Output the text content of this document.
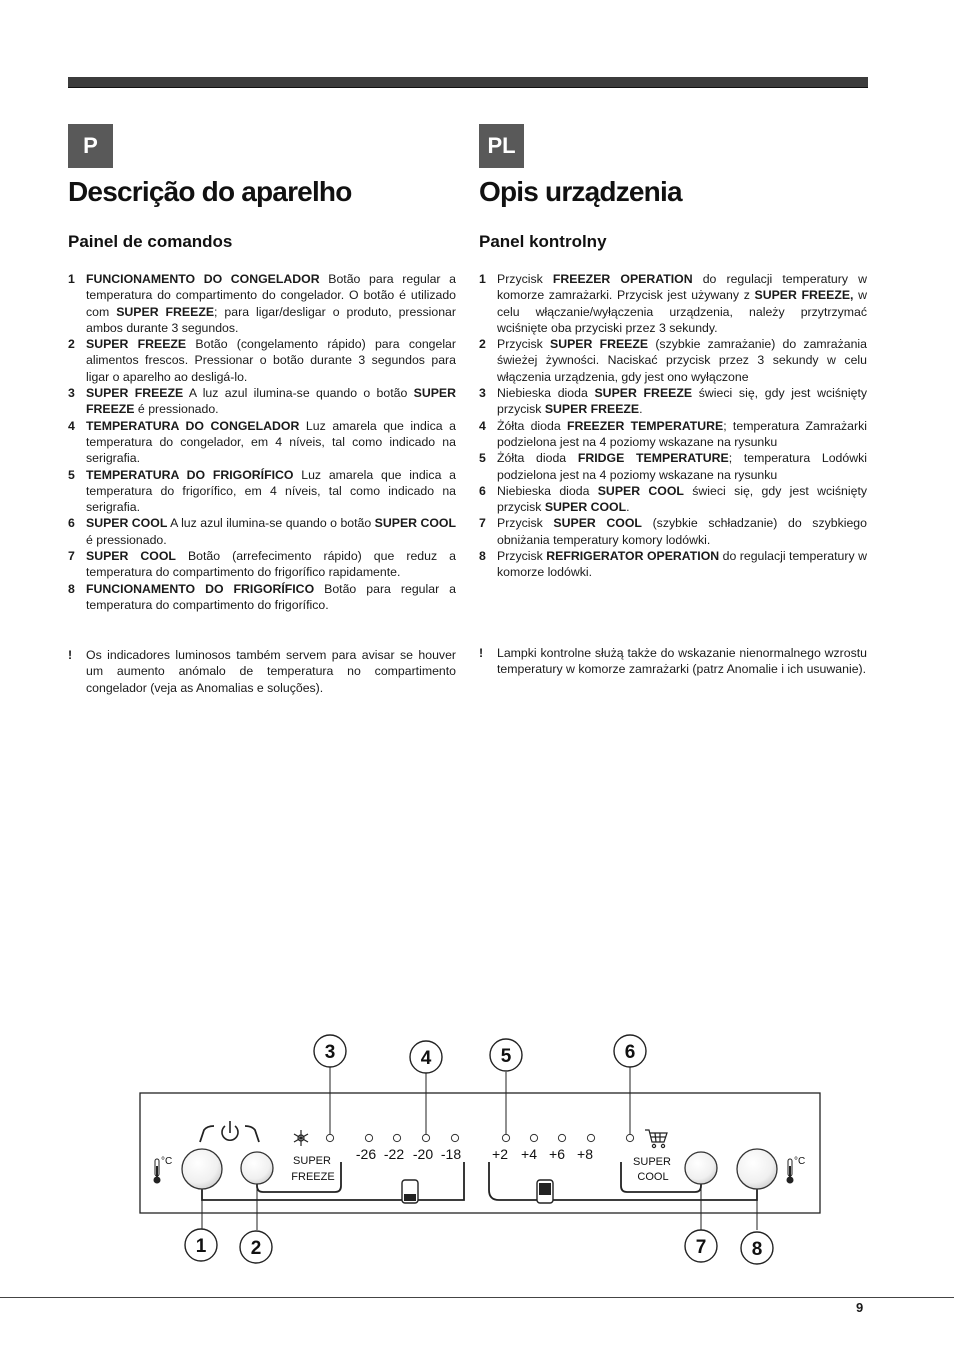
P
Descrição do aparelho
Painel de comandos
1 FUNCIONAMENTO DO CONGELADOR Botão para regular a temperatura do compartimento do congelador. O botão é utilizado com SUPER FREEZE; para ligar/desligar o produto, pressionar ambos durante 3 segundos.
2 SUPER FREEZE Botão (congelamento rápido) para congelar alimentos frescos. Pressionar o botão durante 3 segundos para ligar o aparelho ao desligá-lo.
3 SUPER FREEZE A luz azul ilumina-se quando o botão SUPER FREEZE é pressionado.
4 TEMPERATURA DO CONGELADOR Luz amarela que indica a temperatura do congelador, em 4 níveis, tal como indicado na serigrafia.
5 TEMPERATURA DO FRIGORÍFICO Luz amarela que indica a temperatura do frigorífico, em 4 níveis, tal como indicado na serigrafia.
6 SUPER COOL A luz azul ilumina-se quando o botão SUPER COOL é pressionado.
7 SUPER COOL Botão (arrefecimento rápido) que reduz a temperatura do compartimento do frigorífico rapidamente.
8 FUNCIONAMENTO DO FRIGORÍFICO Botão para regular a temperatura do compartimento do frigorífico.
!	Os indicadores luminosos também servem para avisar se houver um aumento anómalo de temperatura no compartimento congelador (veja as Anomalias e soluções).
PL
Opis urządzenia
Panel kontrolny
1 Przycisk FREEZER OPERATION do regulacji temperatury w komorze zamrażarki. Przycisk jest używany z SUPER FREEZE, w celu włączanie/wyłączenia urządzenia, należy przytrzymać wciśnięte oba przyciski przez 3 sekundy.
2 Przycisk SUPER FREEZE (szybkie zamrażanie) do zamrażania świeżej żywności. Naciskać przycisk przez 3 sekundy w celu włączenia urządzenia, gdy jest ono wyłączone
3 Niebieska dioda SUPER FREEZE świeci się, gdy jest wciśnięty przycisk SUPER FREEZE.
4 Żółta dioda FREEZER TEMPERATURE; temperatura Zamrażarki podzielona jest na 4 poziomy wskazane na rysunku
5 Żółta dioda FRIDGE TEMPERATURE; temperatura Lodówki podzielona jest na 4 poziomy wskazane na rysunku
6 Niebieska dioda SUPER COOL świeci się, gdy jest wciśnięty przycisk SUPER COOL.
7 Przycisk SUPER COOL (szybkie schładzanie) do szybkiego obniżania temperatury komory lodówki.
8 Przycisk REFRIGERATOR OPERATION do regulacji temperatury w komorze lodówki.
!	Lampki kontrolne służą także do wskazanie nienormalnego wzrostu temperatury w komorze zamrażarki (patrz Anomalie i ich usuwanie).
-26 -22 -20 -18 +2 +4 +6 +8
SUPER
FREEZE
SUPER
COOL
°C	°C
3	4	5	6
1 2	7 8
9
